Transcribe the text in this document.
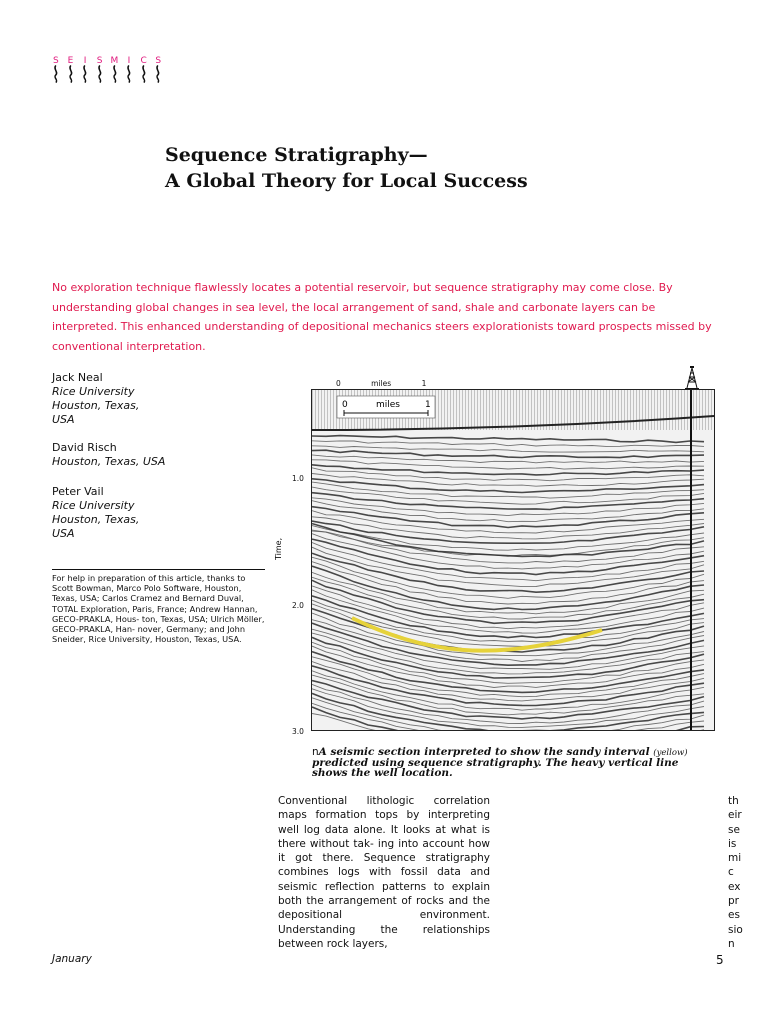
S E I S M I C S
Sequence Stratigraphy—
A Global Theory for Local Success
No exploration technique flawlessly locates a potential reservoir, but sequence stratigraphy may come close. By understanding global changes in sea level, the local arrangement of sand, shale and carbonate layers can be interpreted. This enhanced understanding of depositional mechanics steers explorationists toward prospects missed by conventional interpretation.
Jack Neal
Rice University
Houston, Texas,
USA
David Risch
Houston, Texas, USA
Peter Vail
Rice University
Houston, Texas,
USA
For help in preparation of this article, thanks to Scott Bowman, Marco Polo Software, Houston, Texas, USA; Carlos Cramez and Bernard Duval, TOTAL Exploration, Paris, France; Andrew Hannan, GECO-PRAKLA, Hous- ton, Texas, USA; Ulrich Möller, GECO-PRAKLA, Han- nover, Germany; and John Sneider, Rice University, Houston, Texas, USA.
0	miles	1
Time,
1.0
2.0
3.0
0	miles	1
nA seismic section interpreted to show the sandy interval (yellow) predicted using sequence stratigraphy. The heavy vertical line shows the well location.
Conventional lithologic correlation maps formation tops by interpreting well log data alone. It looks at what is there without tak- ing into account how it got there. Sequence stratigraphy combines logs with fossil data and seismic reflection patterns to explain both the arrangement of rocks and the depositional environment. Understanding the relationships between rock layers,
th
eir
se
is
mi
c
ex
pr
es
sio
n
January	5
